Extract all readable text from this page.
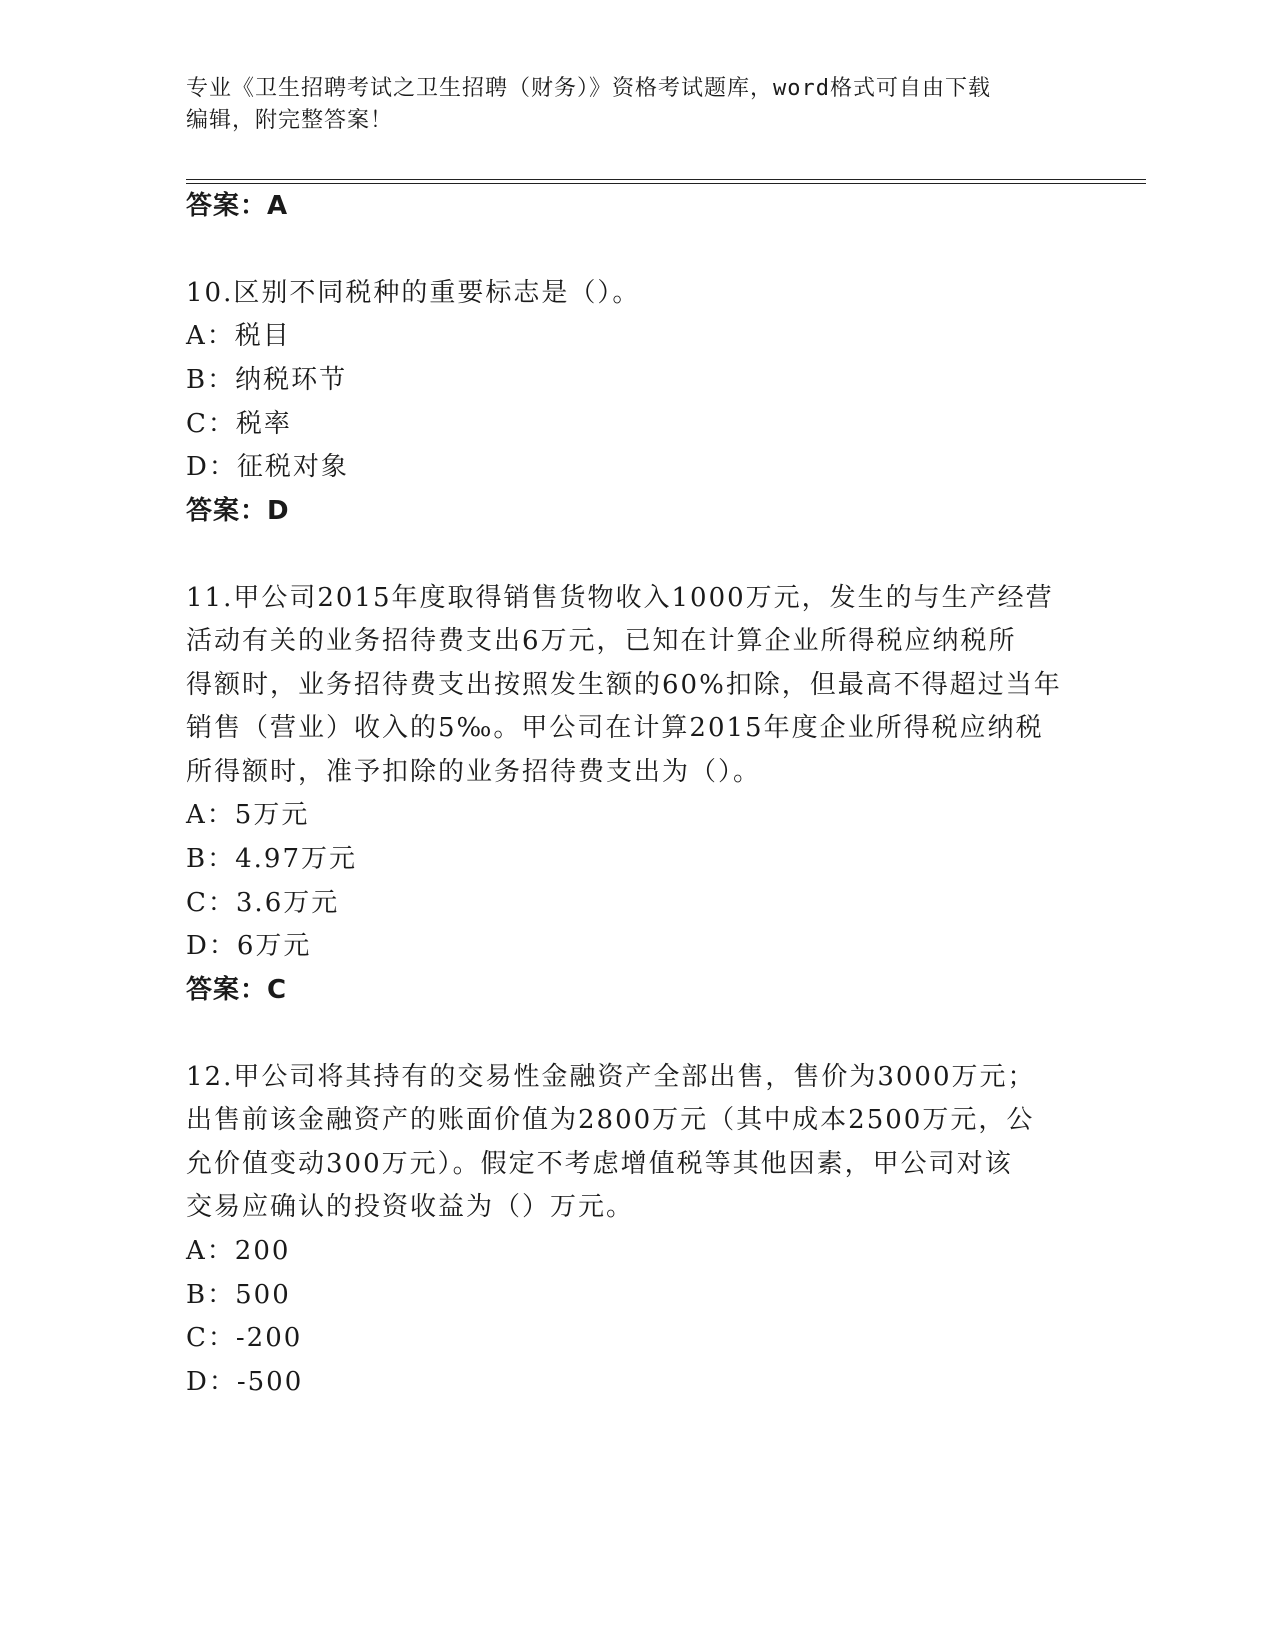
专业《卫生招聘考试之卫生招聘（财务）》资格考试题库，word格式可自由下载
编辑，附完整答案！
答案：A
10.区别不同税种的重要标志是（）。
A：税目
B：纳税环节
C：税率
D：征税对象
答案：D
11.甲公司2015年度取得销售货物收入1000万元，发生的与生产经营
活动有关的业务招待费支出6万元，已知在计算企业所得税应纳税所
得额时，业务招待费支出按照发生额的60%扣除，但最高不得超过当年
销售（营业）收入的5‰。甲公司在计算2015年度企业所得税应纳税
所得额时，准予扣除的业务招待费支出为（）。
A：5万元
B：4.97万元
C：3.6万元
D：6万元
答案：C
12.甲公司将其持有的交易性金融资产全部出售，售价为3000万元；
出售前该金融资产的账面价值为2800万元（其中成本2500万元，公
允价值变动300万元）。假定不考虑增值税等其他因素，甲公司对该
交易应确认的投资收益为（）万元。
A：200
B：500
C：-200
D：-500
